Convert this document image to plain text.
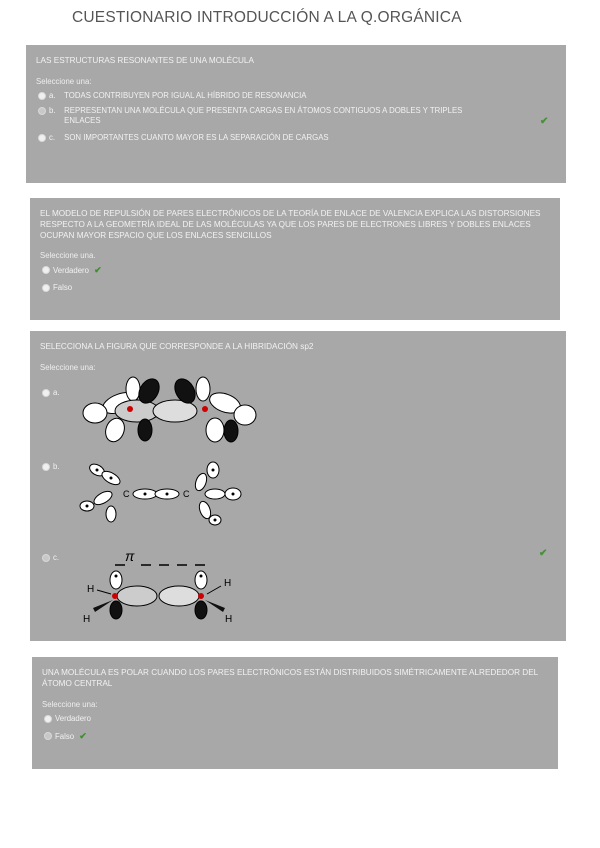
CUESTIONARIO INTRODUCCIÓN A LA Q.ORGÁNICA
LAS ESTRUCTURAS RESONANTES DE UNA MOLÉCULA
Seleccione una:
a. TODAS CONTRIBUYEN POR IGUAL AL HÍBRIDO DE RESONANCIA
b. REPRESENTAN UNA MOLÉCULA QUE PRESENTA CARGAS EN ÁTOMOS CONTIGUOS A DOBLES Y TRIPLES ENLACES
c. SON IMPORTANTES CUANTO MAYOR ES LA SEPARACIÓN DE CARGAS
✔
EL MODELO DE REPULSIÓN DE PARES ELECTRÓNICOS DE LA TEORÍA DE ENLACE DE VALENCIA EXPLICA LAS DISTORSIONES RESPECTO A LA GEOMETRÍA IDEAL DE LAS MOLÉCULAS YA QUE LOS PARES DE ELECTRONES LIBRES Y DOBLES ENLACES OCUPAN MAYOR ESPACIO QUE LOS ENLACES SENCILLOS
Seleccione una.
Verdadero ✔
Falso
SELECCIONA LA FIGURA QUE CORRESPONDE A LA HIBRIDACIÓN sp2
Seleccione una:
a.
b.
C	C
c.	✔
π
H
H
H
H
UNA MOLÉCULA ES POLAR CUANDO LOS PARES ELECTRÓNICOS ESTÁN DISTRIBUIDOS SIMÉTRICAMENTE ALREDEDOR DEL ÁTOMO CENTRAL
Seleccione una:
Verdadero
Falso ✔
